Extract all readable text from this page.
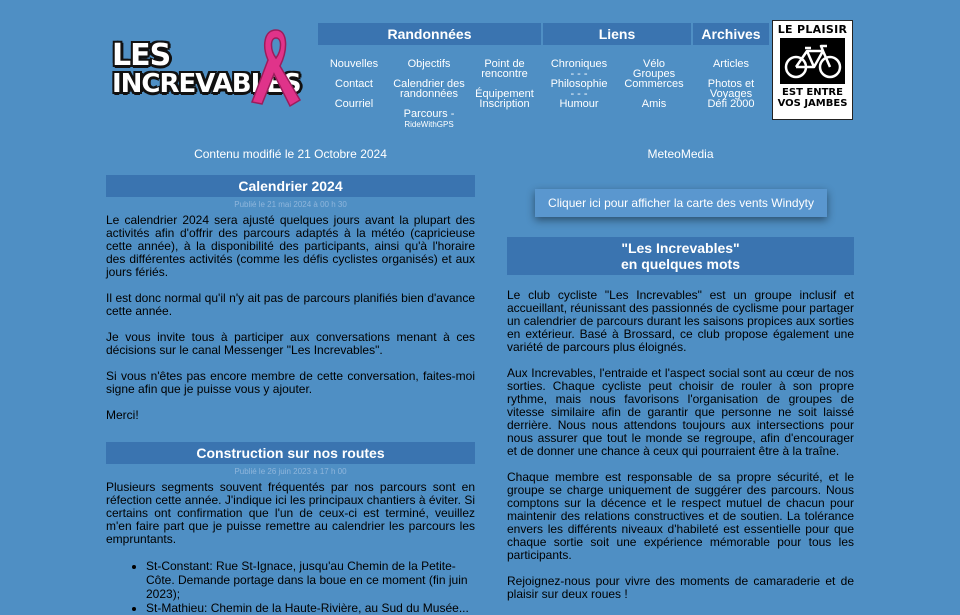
LES
INCREVABLES
Randonnées	Liens	Archives
Nouvelles
Contact
Courriel
Objectifs
Calendrier des randonnées
Parcours -
RideWithGPS
Point de rencontre
Équipement
Inscription
Chroniques
- - -
Philosophie
- - -
Humour
Vélo
Groupes
Commerces
Amis
Articles
Photos et
Voyages
Défi 2000
LE PLAISIR
EST ENTRE
VOS JAMBES
Contenu modifié le 21 Octobre 2024	MeteoMedia
Calendrier 2024
Publié le 21 mai 2024 à 00 h 30

Le calendrier 2024 sera ajusté quelques jours avant la plupart des activités afin d'offrir des parcours adaptés à la météo (capricieuse cette année), à la disponibilité des participants, ainsi qu'à l'horaire des différentes activités (comme les défis cyclistes organisés) et aux jours fériés.

Il est donc normal qu'il n'y ait pas de parcours planifiés bien d'avance cette année.

Je vous invite tous à participer aux conversations menant à ces décisions sur le canal Messenger "Les Increvables".

Si vous n'êtes pas encore membre de cette conversation, faites-moi signe afin que je puisse vous y ajouter.

Merci!

Construction sur nos routes
Publié le 26 juin 2023 à 17 h 00

Plusieurs segments souvent fréquentés par nos parcours sont en réfection cette année. J'indique ici les principaux chantiers à éviter. Si certains ont confirmation que l'un de ceux-ci est terminé, veuillez m'en faire part que je puisse remettre au calendrier les parcours les empruntants.

• St-Constant: Rue St-Ignace, jusqu'au Chemin de la Petite-Côte. Demande portage dans la boue en ce moment (fin juin 2023);
• St-Mathieu: Chemin de la Haute-Rivière, au Sud du Musée...
Cliquer ici pour afficher la carte des vents Windyty
"Les Increvables"
en quelques mots

Le club cycliste "Les Increvables" est un groupe inclusif et accueillant, réunissant des passionnés de cyclisme pour partager un calendrier de parcours durant les saisons propices aux sorties en extérieur. Basé à Brossard, ce club propose également une variété de parcours plus éloignés.

Aux Increvables, l'entraide et l'aspect social sont au cœur de nos sorties. Chaque cycliste peut choisir de rouler à son propre rythme, mais nous favorisons l'organisation de groupes de vitesse similaire afin de garantir que personne ne soit laissé derrière. Nous nous attendons toujours aux intersections pour nous assurer que tout le monde se regroupe, afin d'encourager et de donner une chance à ceux qui pourraient être à la traîne.

Chaque membre est responsable de sa propre sécurité, et le groupe se charge uniquement de suggérer des parcours. Nous comptons sur la décence et le respect mutuel de chacun pour maintenir des relations constructives et de soutien. La tolérance envers les différents niveaux d'habileté est essentielle pour que chaque sortie soit une expérience mémorable pour tous les participants.

Rejoignez-nous pour vivre des moments de camaraderie et de plaisir sur deux roues !
